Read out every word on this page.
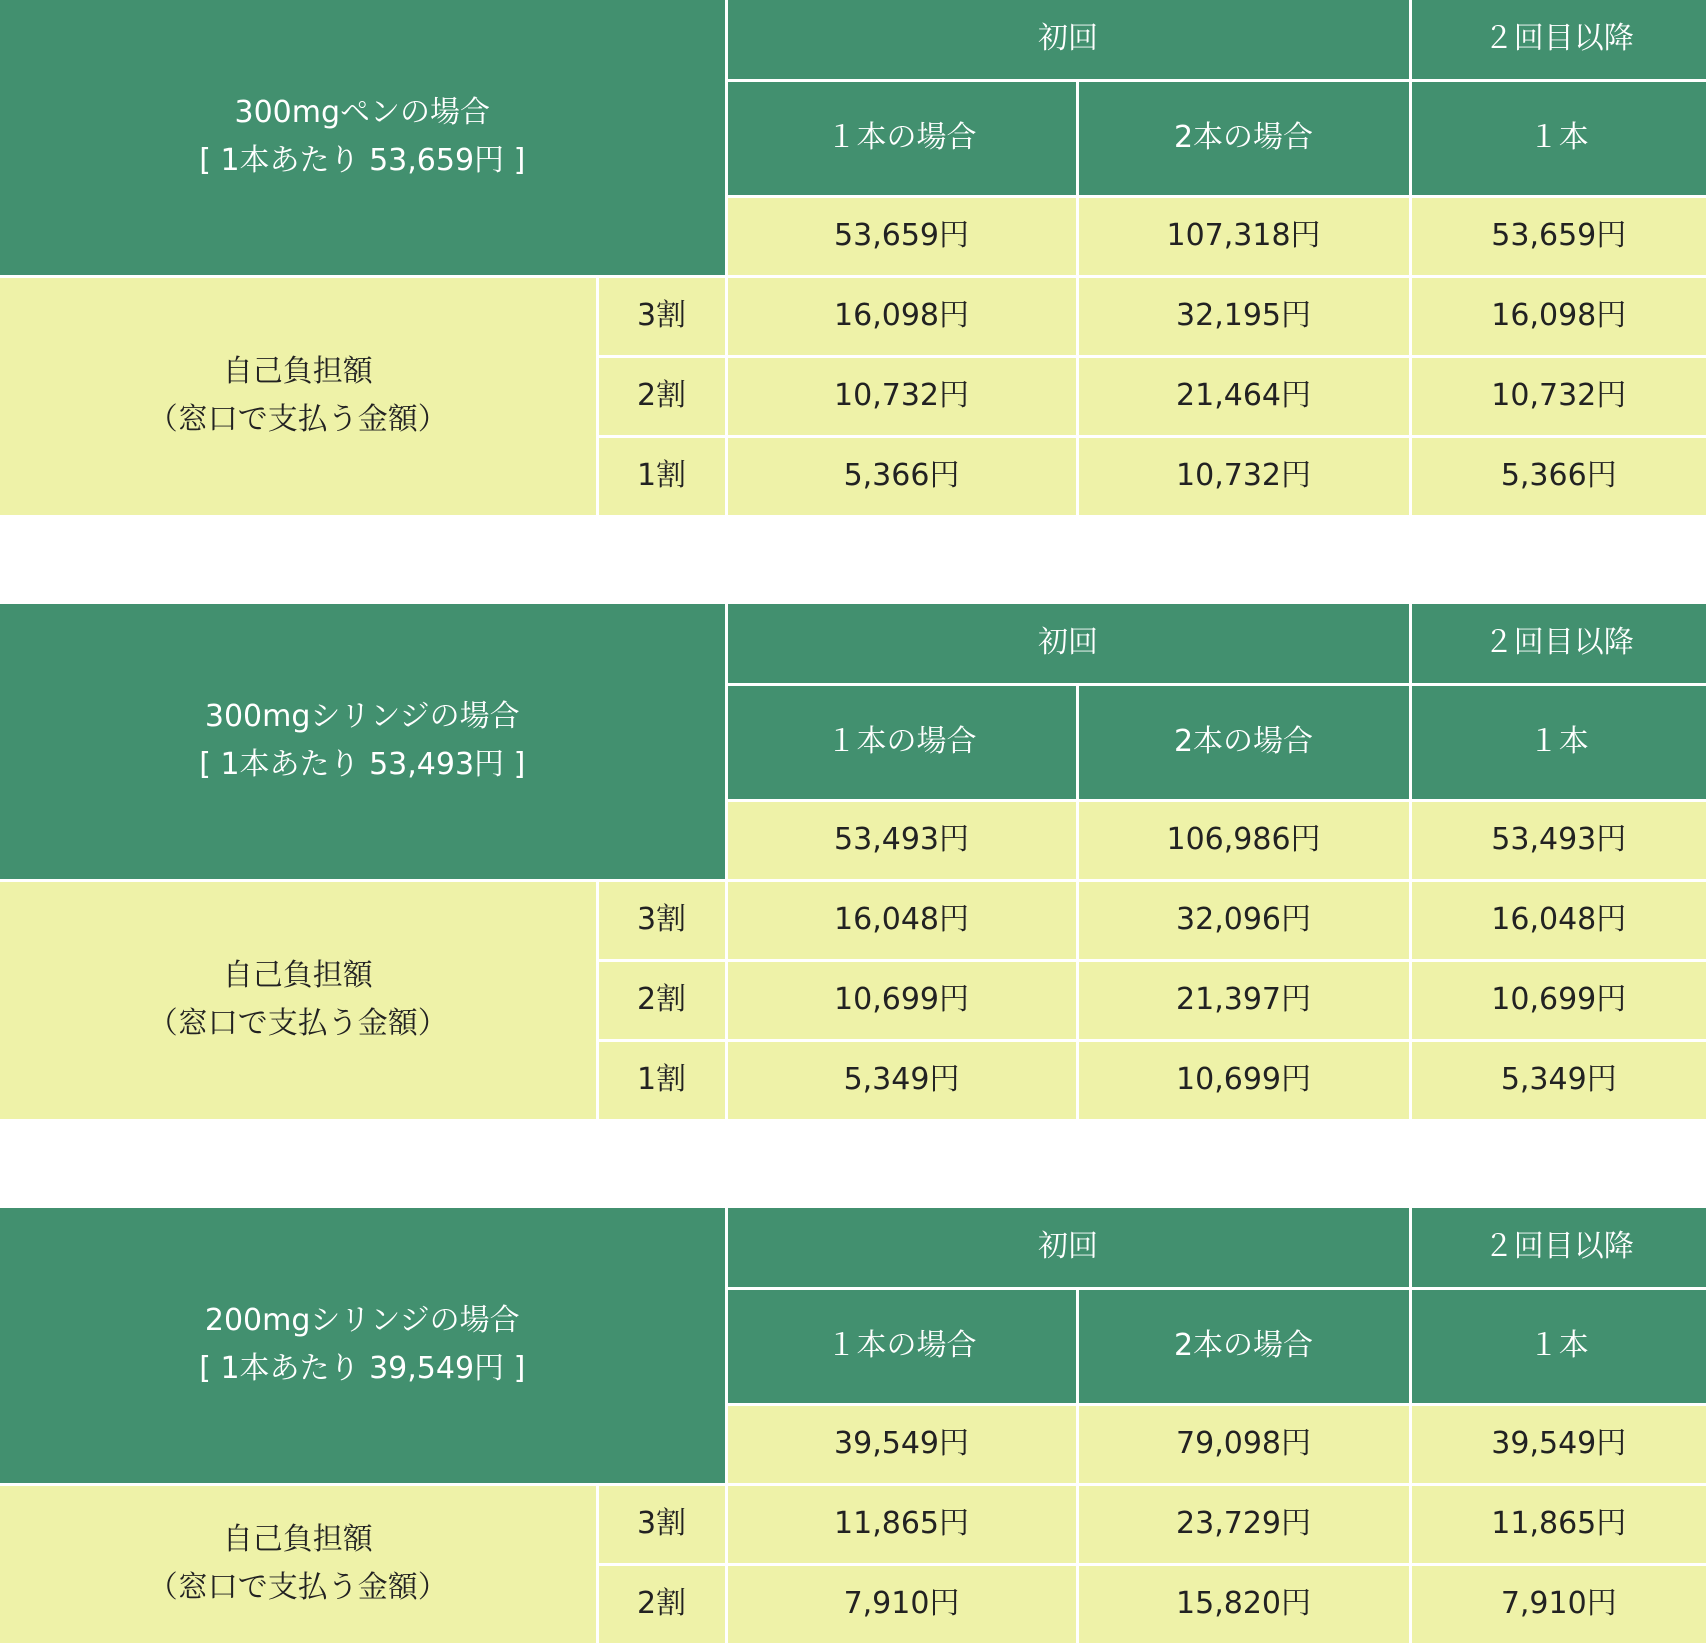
300mgペンの場合
[ 1本あたり 53,659円 ]		初回		２回目以降
		１本の場合	2本の場合	１本
		53,659円	107,318円	53,659円

自己負担額
（窓口で支払う金額）	3割	16,098円	32,195円	16,098円
	2割	10,732円	21,464円	10,732円
	1割	5,366円	10,732円	5,366円
300mgシリンジの場合
[ 1本あたり 53,493円 ]		初回		２回目以降
		１本の場合	2本の場合	１本
		53,493円	106,986円	53,493円

自己負担額
（窓口で支払う金額）	3割	16,048円	32,096円	16,048円
	2割	10,699円	21,397円	10,699円
	1割	5,349円	10,699円	5,349円
200mgシリンジの場合
[ 1本あたり 39,549円 ]		初回		２回目以降
		１本の場合	2本の場合	１本
		39,549円	79,098円	39,549円

自己負担額
（窓口で支払う金額）	3割	11,865円	23,729円	11,865円
	2割	7,910円	15,820円	7,910円
